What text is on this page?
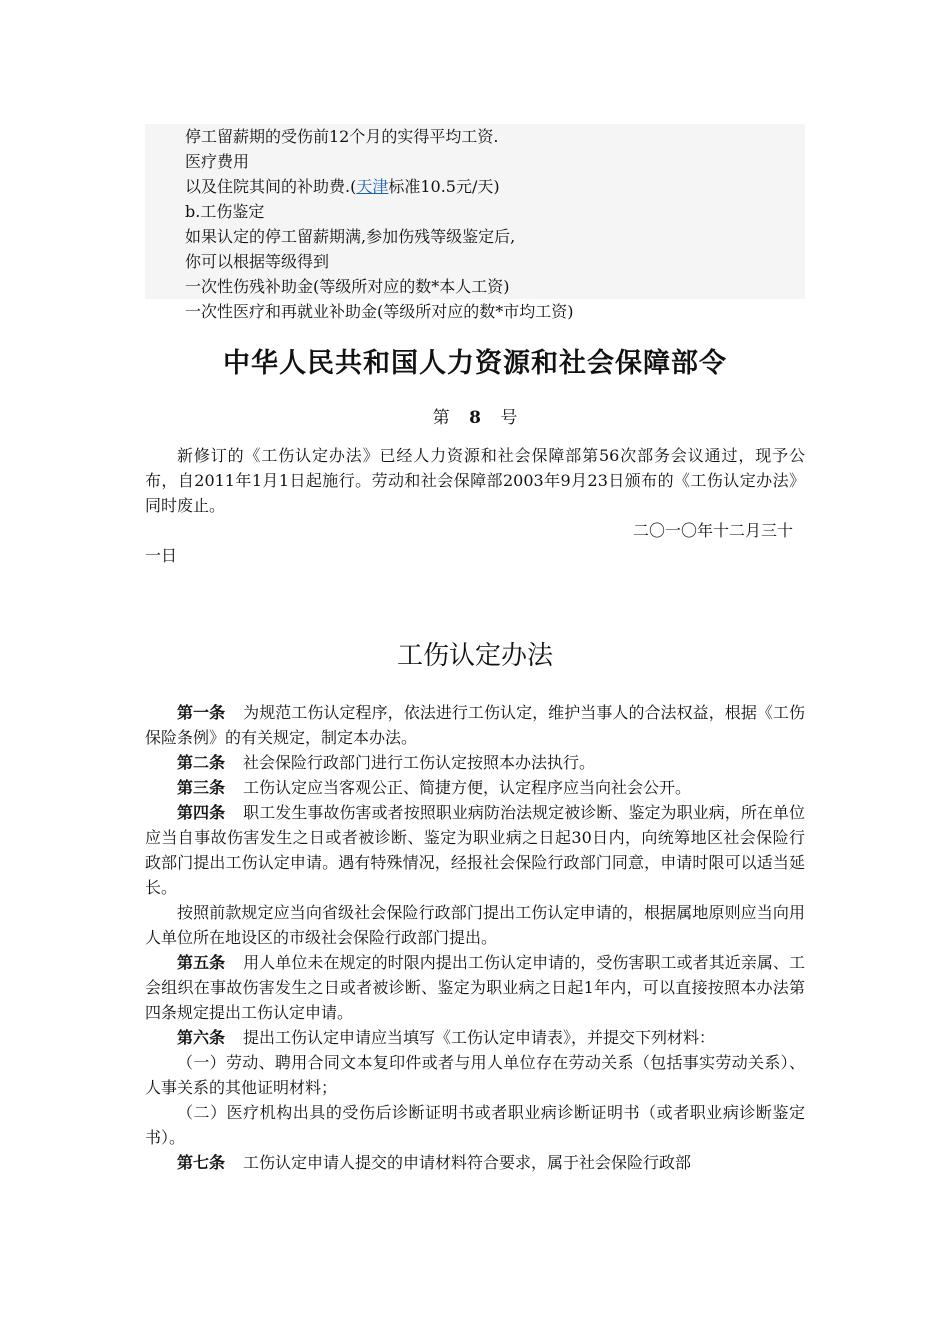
停工留薪期的受伤前12个月的实得平均工资.
医疗费用
以及住院其间的补助费.(天津标准10.5元/天)
b.工伤鉴定
如果认定的停工留薪期满,参加伤残等级鉴定后,
你可以根据等级得到
一次性伤残补助金(等级所对应的数*本人工资)
一次性医疗和再就业补助金(等级所对应的数*市均工资)
中华人民共和国人力资源和社会保障部令
第 8 号

新修订的《工伤认定办法》已经人力资源和社会保障部第56次部务会议通过，现予公布，自2011年1月1日起施行。劳动和社会保障部2003年9月23日颁布的《工伤认定办法》同时废止。

二〇一〇年十二月三十
一日
工伤认定办法

第一条 为规范工伤认定程序，依法进行工伤认定，维护当事人的合法权益，根据《工伤保险条例》的有关规定，制定本办法。

第二条 社会保险行政部门进行工伤认定按照本办法执行。

第三条 工伤认定应当客观公正、简捷方便，认定程序应当向社会公开。

第四条 职工发生事故伤害或者按照职业病防治法规定被诊断、鉴定为职业病，所在单位应当自事故伤害发生之日或者被诊断、鉴定为职业病之日起30日内，向统筹地区社会保险行政部门提出工伤认定申请。遇有特殊情况，经报社会保险行政部门同意，申请时限可以适当延长。

按照前款规定应当向省级社会保险行政部门提出工伤认定申请的，根据属地原则应当向用人单位所在地设区的市级社会保险行政部门提出。

第五条 用人单位未在规定的时限内提出工伤认定申请的，受伤害职工或者其近亲属、工会组织在事故伤害发生之日或者被诊断、鉴定为职业病之日起1年内，可以直接按照本办法第四条规定提出工伤认定申请。

第六条 提出工伤认定申请应当填写《工伤认定申请表》，并提交下列材料：

（一）劳动、聘用合同文本复印件或者与用人单位存在劳动关系（包括事实劳动关系）、人事关系的其他证明材料；

（二）医疗机构出具的受伤后诊断证明书或者职业病诊断证明书（或者职业病诊断鉴定书）。

第七条 工伤认定申请人提交的申请材料符合要求，属于社会保险行政部
